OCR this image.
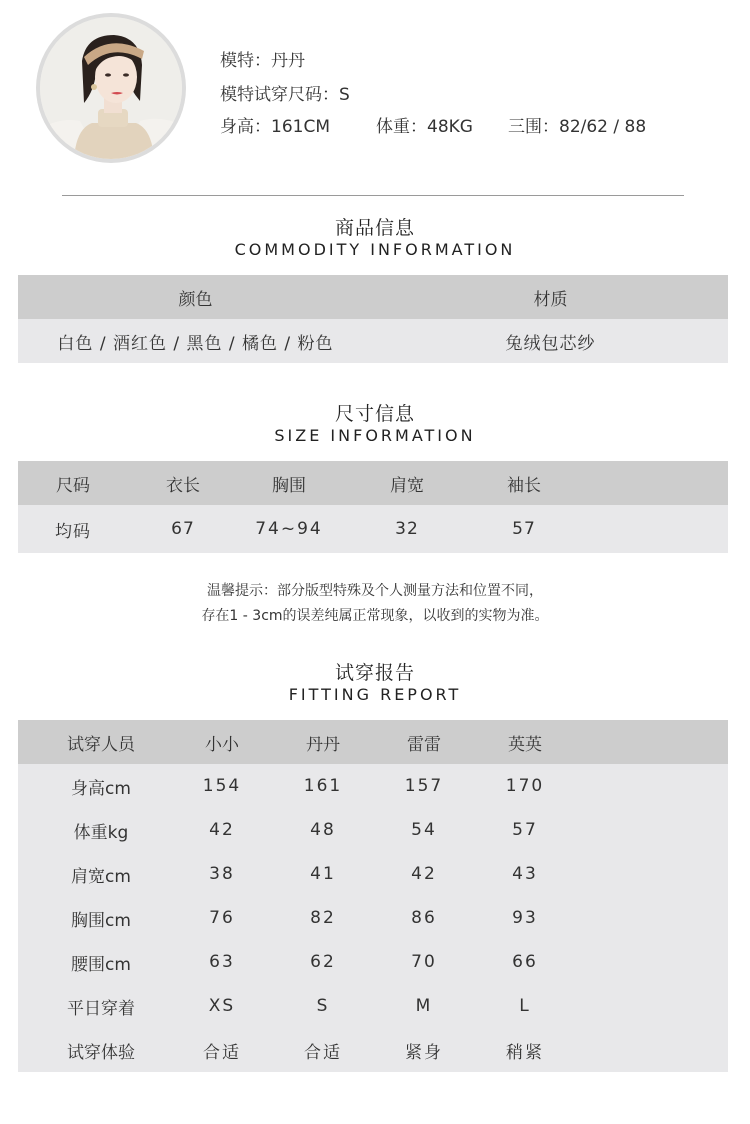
模特：丹丹
模特试穿尺码：S
身高：161CM	体重：48KG 三围：82/62 / 88
商品信息
COMMODITY INFORMATION
颜色	材质
白色 / 酒红色 / 黑色 / 橘色 / 粉色	兔绒包芯纱
尺寸信息
SIZE INFORMATION
尺码	衣长	胸围	肩宽	袖长
均码	67	74~94	32	57
温馨提示：部分版型特殊及个人测量方法和位置不同，
存在1 - 3cm的误差纯属正常现象，以收到的实物为准。
试穿报告
FITTING REPORT
试穿人员	小小	丹丹	雷雷	英英
身高cm	154	161	157	170
体重kg	42	48	54	57
肩宽cm	38	41	42	43
胸围cm	76	82	86	93
腰围cm	63	62	70	66
平日穿着	XS	S	M	L
试穿体验	合适	合适	紧身	稍紧
